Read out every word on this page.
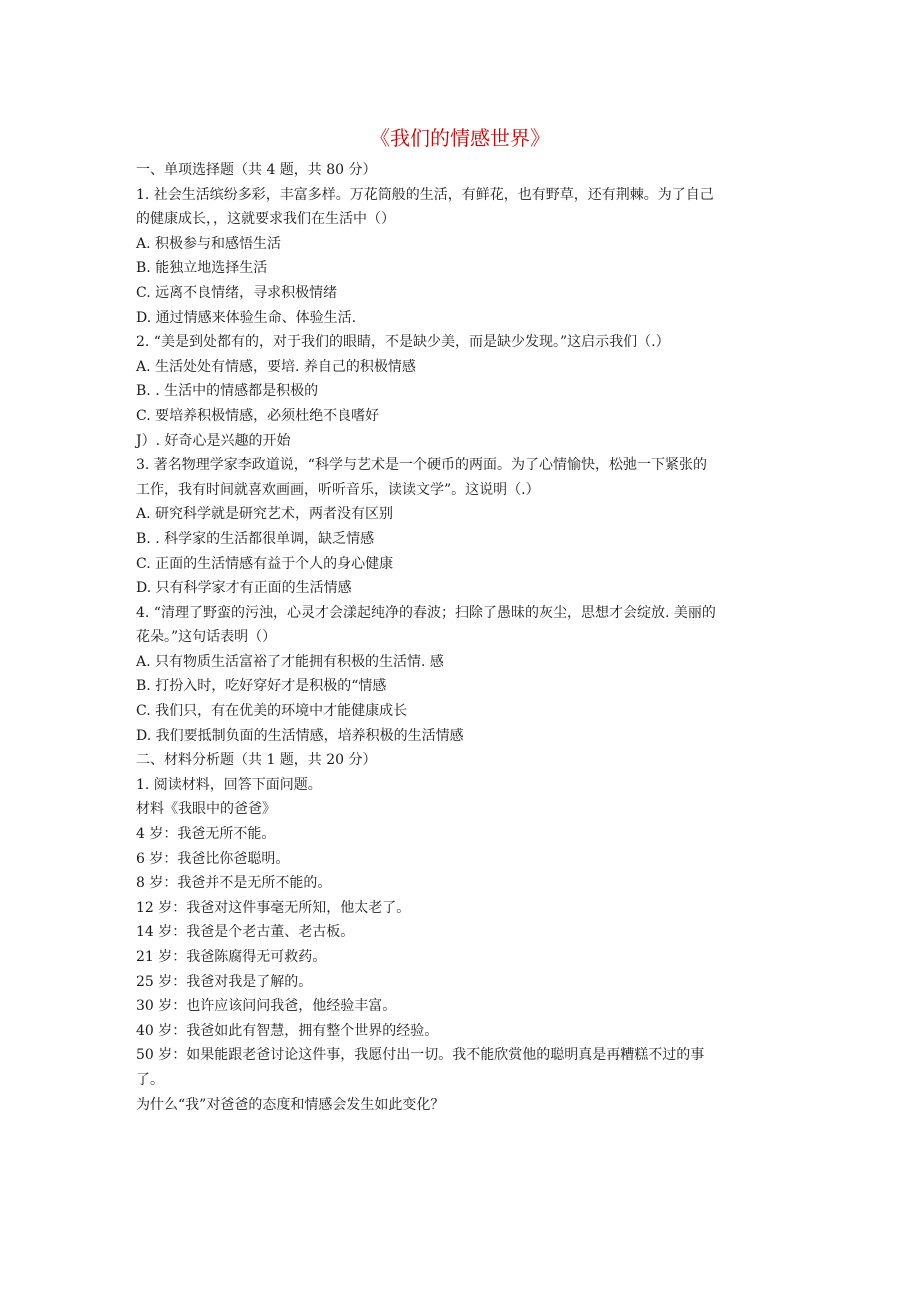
《我们的情感世界》
一、单项选择题（共 4 题，共 80 分）
1. 社会生活缤纷多彩，丰富多样。万花筒般的生活，有鲜花，也有野草，还有荆棘。为了自己
的健康成长，，这就要求我们在生活中（）
A. 积极参与和感悟生活
B. 能独立地选择生活
C. 远离不良情绪，寻求积极情绪
D. 通过情感来体验生命、体验生活.
2. “美是到处都有的，对于我们的眼睛，不是缺少美，而是缺少发现。”这启示我们（.）
A. 生活处处有情感，要培. 养自己的积极情感
B. . 生活中的情感都是积极的
C. 要培养积极情感，必须杜绝不良嗜好
J）. 好奇心是兴趣的开始
3. 著名物理学家李政道说，“科学与艺术是一个硬币的两面。为了心情愉快，松弛一下紧张的
工作，我有时间就喜欢画画，听听音乐，读读文学”。这说明（.）
A. 研究科学就是研究艺术，两者没有区别
B. . 科学家的生活都很单调，缺乏情感
C. 正面的生活情感有益于个人的身心健康
D. 只有科学家才有正面的生活情感
4. “清理了野蛮的污浊，心灵才会漾起纯净的春波；扫除了愚昧的灰尘，思想才会绽放. 美丽的
花朵。”这句话表明（）
A. 只有物质生活富裕了才能拥有积极的生活情. 感
B. 打扮入时，吃好穿好才是积极的“情感
C. 我们只，有在优美的环境中才能健康成长
D. 我们要抵制负面的生活情感，培养积极的生活情感
二、材料分析题（共 1 题，共 20 分）
1. 阅读材料，回答下面问题。
材料《我眼中的爸爸》
4 岁：我爸无所不能。
6 岁：我爸比你爸聪明。
8 岁：我爸并不是无所不能的。
12 岁：我爸对这件事毫无所知，他太老了。
14 岁：我爸是个老古董、老古板。
21 岁：我爸陈腐得无可救药。
25 岁：我爸对我是了解的。
30 岁：也许应该问问我爸，他经验丰富。
40 岁：我爸如此有智慧，拥有整个世界的经验。
50 岁：如果能跟老爸讨论这件事，我愿付出一切。我不能欣赏他的聪明真是再糟糕不过的事
了。
为什么“我”对爸爸的态度和情感会发生如此变化？
